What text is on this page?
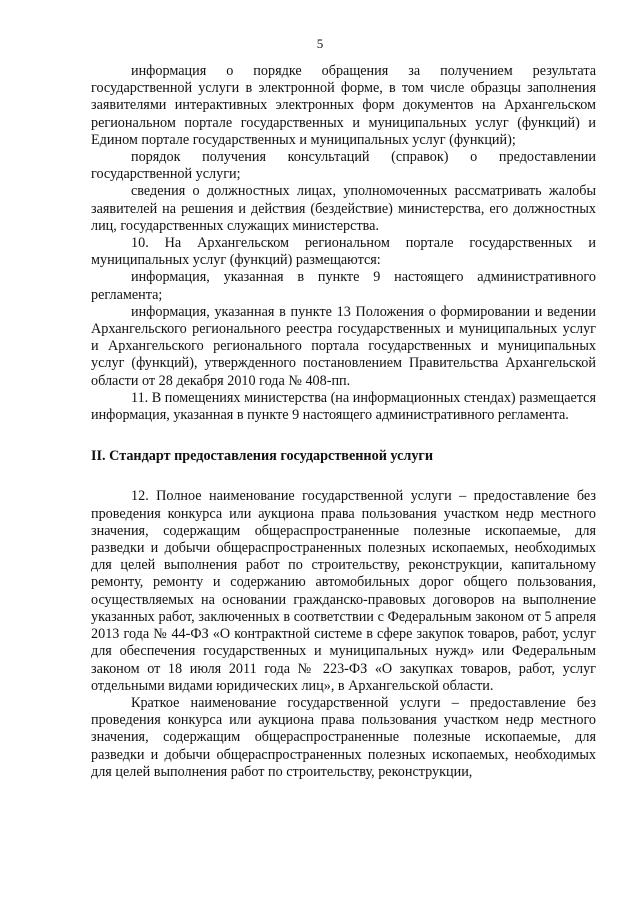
5

информация о порядке обращения за получением результата государственной услуги в электронной форме, в том числе образцы заполнения заявителями интерактивных электронных форм документов на Архангельском региональном портале государственных и муниципальных услуг (функций) и Едином портале государственных и муниципальных услуг (функций);

порядок получения консультаций (справок) о предоставлении государственной услуги;

сведения о должностных лицах, уполномоченных рассматривать жалобы заявителей на решения и действия (бездействие) министерства, его должностных лиц, государственных служащих министерства.

10. На Архангельском региональном портале государственных и муниципальных услуг (функций) размещаются:

информация, указанная в пункте 9 настоящего административного регламента;

информация, указанная в пункте 13 Положения о формировании и ведении Архангельского регионального реестра государственных и муниципальных услуг и Архангельского регионального портала государственных и муниципальных услуг (функций), утвержденного постановлением Правительства Архангельской области от 28 декабря 2010 года № 408-пп.

11. В помещениях министерства (на информационных стендах) размещается информация, указанная в пункте 9 настоящего административного регламента.

II. Стандарт предоставления государственной услуги

12. Полное наименование государственной услуги – предоставление без проведения конкурса или аукциона права пользования участком недр местного значения, содержащим общераспространенные полезные ископаемые, для разведки и добычи общераспространенных полезных ископаемых, необходимых для целей выполнения работ по строительству, реконструкции, капитальному ремонту, ремонту и содержанию автомобильных дорог общего пользования, осуществляемых на основании гражданско-правовых договоров на выполнение указанных работ, заключенных в соответствии с Федеральным законом от 5 апреля 2013 года № 44-ФЗ «О контрактной системе в сфере закупок товаров, работ, услуг для обеспечения государственных и муниципальных нужд» или Федеральным законом от 18 июля 2011 года № 223-ФЗ «О закупках товаров, работ, услуг отдельными видами юридических лиц», в Архангельской области.

Краткое наименование государственной услуги – предоставление без проведения конкурса или аукциона права пользования участком недр местного значения, содержащим общераспространенные полезные ископаемые, для разведки и добычи общераспространенных полезных ископаемых, необходимых для целей выполнения работ по строительству, реконструкции,
